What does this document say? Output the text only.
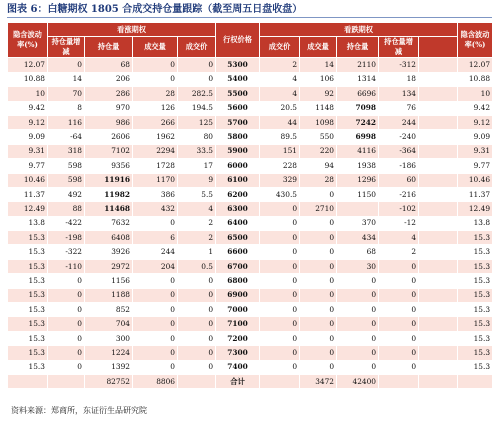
图表 6：白糖期权 1805 合成交持仓量跟踪（截至周五日盘收盘）
隐含波动率(%)	看涨期权				行权价格	看跌期权					隐含波动率(%)
	持仓量增减	持仓量	成交量	成交价		成交价	成交量	持仓量	持仓量增减		
12.07	0	68	0	0	5300	2	14	2110	-312		12.07
10.88	14	206	0	0	5400	4	106	1314	18		10.88
10	70	286	28	282.5	5500	4	92	6696	134		10
9.42	8	970	126	194.5	5600	20.5	1148	7098	76		9.42
9.12	116	986	266	125	5700	44	1098	7242	244		9.12
9.09	-64	2606	1962	80	5800	89.5	550	6998	-240		9.09
9.31	318	7102	2294	33.5	5900	151	220	4116	-364		9.31
9.77	598	9356	1728	17	6000	228	94	1938	-186		9.77
10.46	598	11916	1170	9	6100	329	28	1296	60		10.46
11.37	492	11982	386	5.5	6200	430.5	0	1150	-216		11.37
12.49	88	11468	432	4	6300	0	2710		-102		12.49
13.8	-422	7632	0	2	6400	0	0	370	-12		13.8
15.3	-198	6408	6	2	6500	0	0	434	4		15.3
15.3	-322	3926	244	1	6600	0	0	68	2		15.3
15.3	-110	2972	204	0.5	6700	0	0	30	0		15.3
15.3	0	1156	0	0	6800	0	0	0	0		15.3
15.3	0	1188	0	0	6900	0	0	0	0		15.3
15.3	0	852	0	0	7000	0	0	0	0		15.3
15.3	0	704	0	0	7100	0	0	0	0		15.3
15.3	0	300	0	0	7200	0	0	0	0		15.3
15.3	0	1224	0	0	7300	0	0	0	0		15.3
15.3	0	1392	0	0	7400	0	0	0	0		15.3
		82752	8806		合计		3472	42400			
资料来源：郑商所，东证衍生品研究院
